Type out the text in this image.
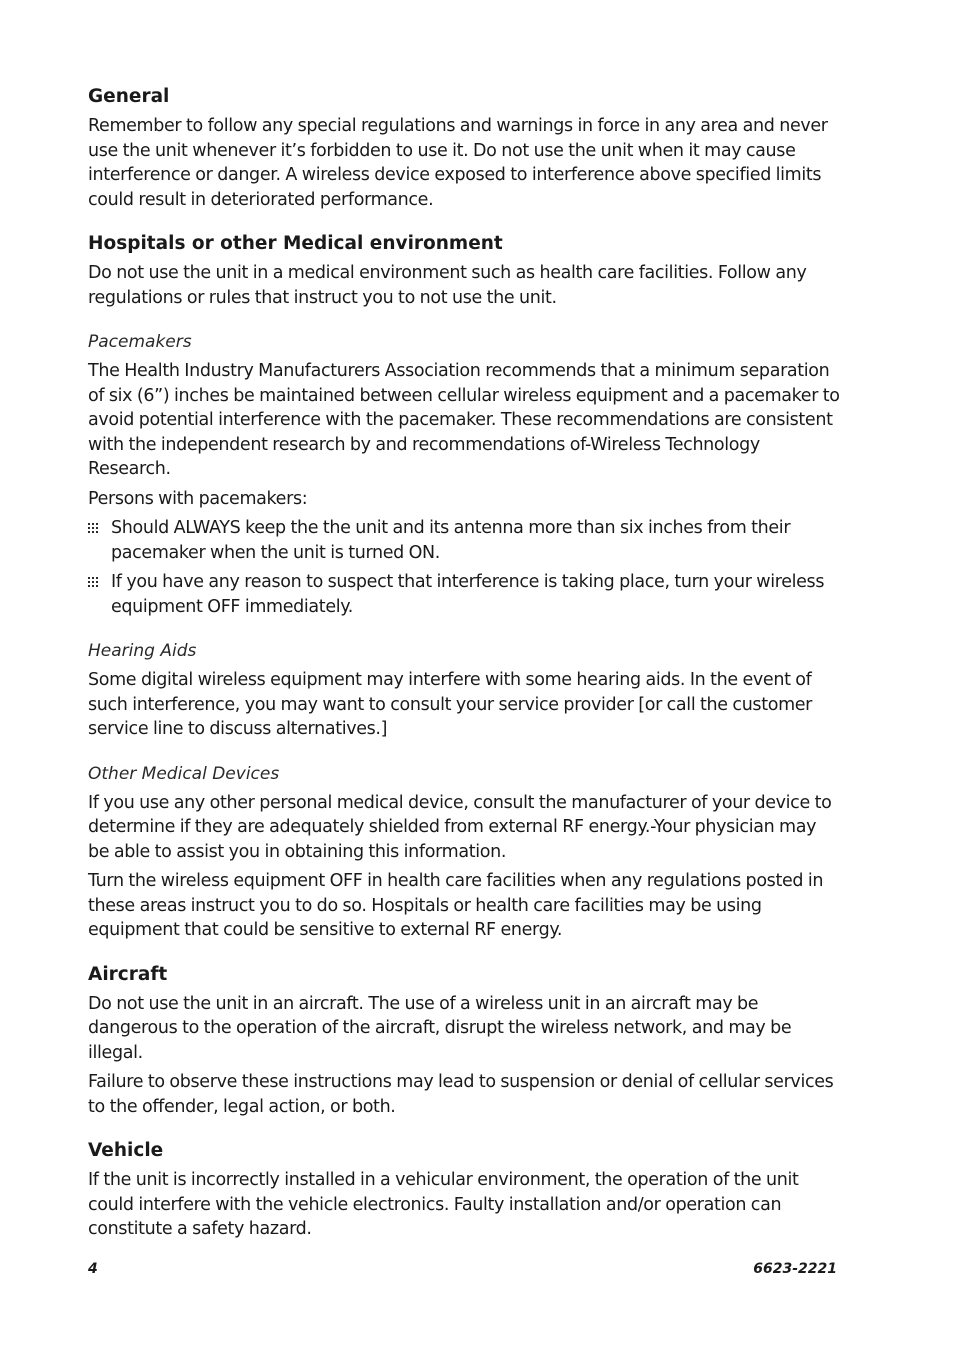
General
Remember to follow any special regulations and warnings in force in any area and never use the unit whenever it’s forbidden to use it. Do not use the unit when it may cause interference or danger. A wireless device exposed to interference above specified limits could result in deteriorated performance.
Hospitals or other Medical environment
Do not use the unit in a medical environment such as health care facilities. Follow any regulations or rules that instruct you to not use the unit.
Pacemakers
The Health Industry Manufacturers Association recommends that a minimum separation of six (6”) inches be maintained between cellular wireless equipment and a pacemaker to avoid potential interference with the pacemaker. These recommendations are consistent with the independent research by and recommendations of-Wireless Technology Research.
Persons with pacemakers:
Should ALWAYS keep the the unit and its antenna more than six inches from their pacemaker when the unit is turned ON.
If you have any reason to suspect that interference is taking place, turn your wireless equipment OFF immediately.
Hearing Aids
Some digital wireless equipment may interfere with some hearing aids. In the event of such interference, you may want to consult your service provider [or call the customer service line to discuss alternatives.]
Other Medical Devices
If you use any other personal medical device, consult the manufacturer of your device to determine if they are adequately shielded from external RF energy.-Your physician may be able to assist you in obtaining this information.
Turn the wireless equipment OFF in health care facilities when any regulations posted in these areas instruct you to do so. Hospitals or health care facilities may be using equipment that could be sensitive to external RF energy.
Aircraft
Do not use the unit in an aircraft. The use of a wireless unit in an aircraft may be dangerous to the operation of the aircraft, disrupt the wireless network, and may be illegal.
Failure to observe these instructions may lead to suspension or denial of cellular services to the offender, legal action, or both.
Vehicle
If the unit is incorrectly installed in a vehicular environment, the operation of the unit could interfere with the vehicle electronics. Faulty installation and/or operation can constitute a safety hazard.
4	6623-2221
